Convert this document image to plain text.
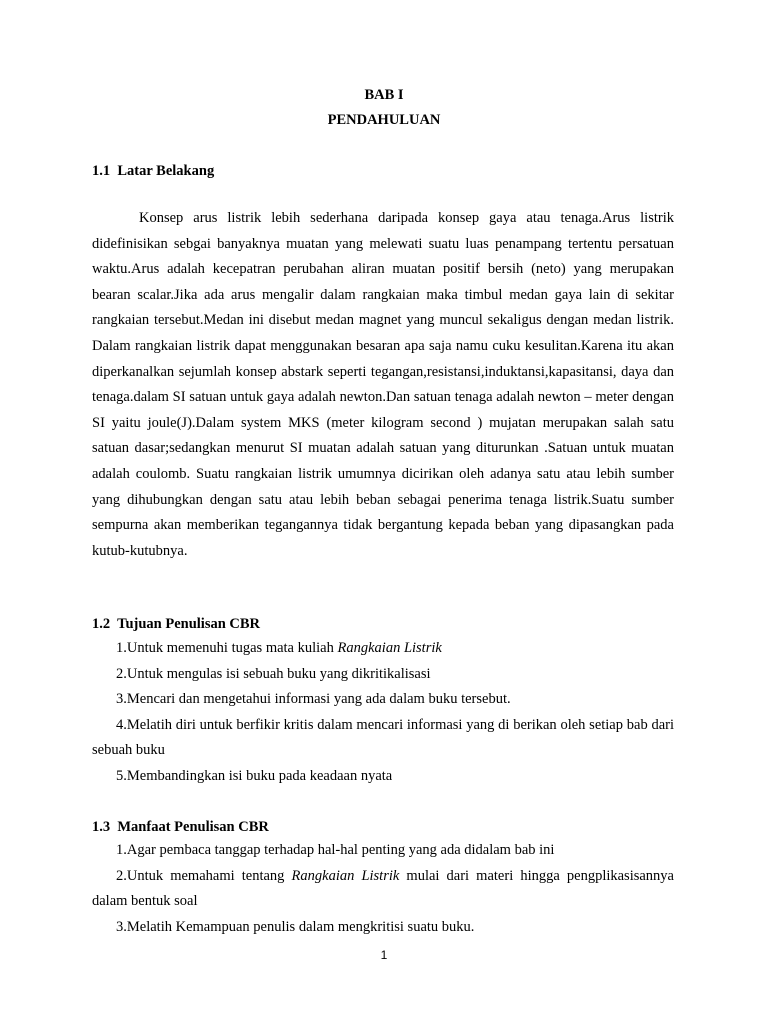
BAB I
PENDAHULUAN
1.1  Latar Belakang

Konsep arus listrik lebih sederhana daripada konsep gaya atau tenaga.Arus listrik didefinisikan sebgai banyaknya muatan yang melewati suatu luas penampang tertentu persatuan waktu.Arus adalah kecepatran perubahan aliran muatan positif bersih (neto) yang merupakan bearan scalar.Jika ada arus mengalir dalam rangkaian maka timbul medan gaya lain di sekitar rangkaian tersebut.Medan ini disebut medan magnet yang muncul sekaligus dengan medan listrik. Dalam rangkaian listrik dapat menggunakan besaran apa saja namu cuku kesulitan.Karena itu akan diperkanalkan sejumlah konsep abstark seperti tegangan,resistansi,induktansi,kapasitansi, daya dan tenaga.dalam SI satuan untuk gaya adalah newton.Dan satuan tenaga adalah newton – meter dengan SI yaitu joule(J).Dalam system MKS (meter kilogram second ) mujatan merupakan salah satu satuan dasar;sedangkan menurut SI muatan adalah satuan yang diturunkan .Satuan untuk muatan adalah coulomb. Suatu rangkaian listrik umumnya dicirikan oleh adanya satu atau lebih sumber yang dihubungkan dengan satu atau lebih beban sebagai penerima tenaga listrik.Suatu sumber sempurna akan memberikan tegangannya tidak bergantung kepada beban yang dipasangkan pada kutub-kutubnya.

1.2  Tujuan Penulisan CBR
1.Untuk memenuhi tugas mata kuliah Rangkaian Listrik
2.Untuk mengulas isi sebuah buku yang dikritikalisasi
3.Mencari dan mengetahui informasi yang ada dalam buku tersebut.
4.Melatih diri untuk berfikir kritis dalam mencari informasi yang di berikan oleh setiap bab dari sebuah buku
5.Membandingkan isi buku pada keadaan nyata
1.3  Manfaat Penulisan CBR
1.Agar pembaca tanggap terhadap hal-hal penting yang ada didalam bab ini
2.Untuk memahami tentang Rangkaian Listrik mulai dari materi hingga pengplikasisannya dalam bentuk soal
3.Melatih Kemampuan penulis dalam mengkritisi suatu buku.
1
